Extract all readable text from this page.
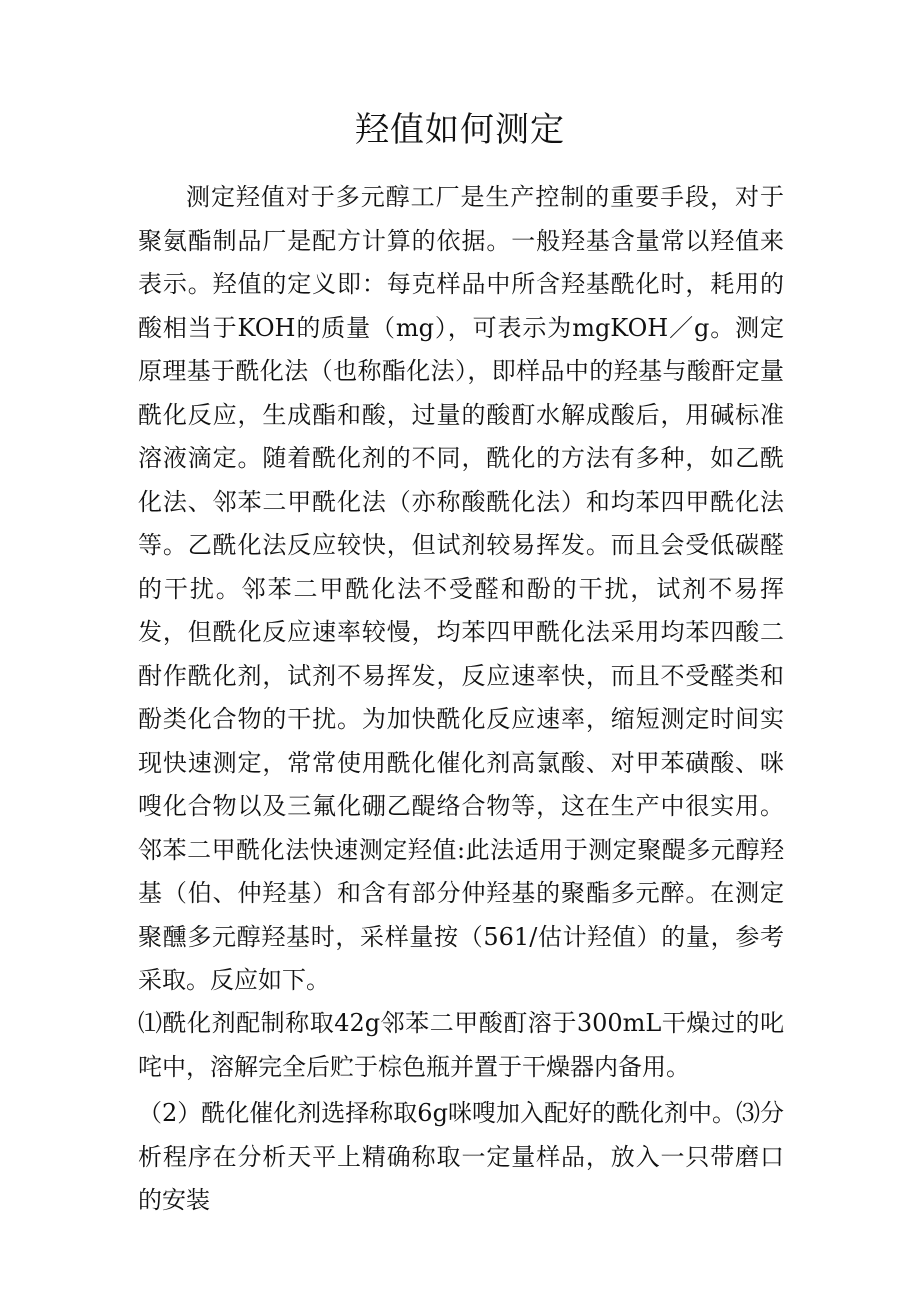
羟值如何测定

测定羟值对于多元醇工厂是生产控制的重要手段，对于聚氨酯制品厂是配方计算的依据。一般羟基含量常以羟值来表示。羟值的定义即：每克样品中所含羟基酰化时，耗用的酸相当于KOH的质量（mg），可表示为mgKOH／g。测定原理基于酰化法（也称酯化法），即样品中的羟基与酸酐定量酰化反应，生成酯和酸，过量的酸酊水解成酸后，用碱标准溶液滴定。随着酰化剂的不同，酰化的方法有多种，如乙酰化法、邻苯二甲酰化法（亦称酸酰化法）和均苯四甲酰化法等。乙酰化法反应较快，但试剂较易挥发。而且会受低碳醛的干扰。邻苯二甲酰化法不受醛和酚的干扰，试剂不易挥发，但酰化反应速率较慢，均苯四甲酰化法采用均苯四酸二酎作酰化剂，试剂不易挥发，反应速率快，而且不受醛类和酚类化合物的干扰。为加快酰化反应速率，缩短测定时间实现快速测定，常常使用酰化催化剂高氯酸、对甲苯磺酸、咪嗖化合物以及三氟化硼乙醍络合物等，这在生产中很实用。邻苯二甲酰化法快速测定羟值:此法适用于测定聚醍多元醇羟基（伯、仲羟基）和含有部分仲羟基的聚酯多元醉。在测定聚醺多元醇羟基时，采样量按（561/估计羟值）的量，参考采取。反应如下。

⑴酰化剂配制称取42g邻苯二甲酸酊溶于300mL干燥过的叱咤中，溶解完全后贮于棕色瓶并置于干燥器内备用。

（2）酰化催化剂选择称取6g咪嗖加入配好的酰化剂中。⑶分析程序在分析天平上精确称取一定量样品，放入一只带磨口的安装
